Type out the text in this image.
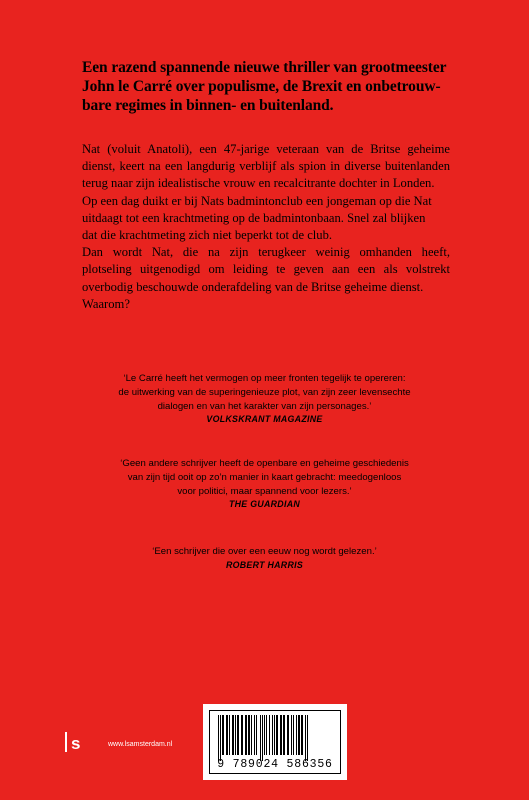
Een razend spannende nieuwe thriller van grootmeester
John le Carré over populisme, de Brexit en onbetrouw-
bare regimes in binnen- en buitenland.
Nat (voluit Anatoli), een 47-jarige veteraan van de Britse geheime
dienst, keert na een langdurig verblijf als spion in diverse buitenlanden
terug naar zijn idealistische vrouw en recalcitrante dochter in Londen.
Op een dag duikt er bij Nats badmintonclub een jongeman op die Nat
uitdaagt tot een krachtmeting op de badmintonbaan. Snel zal blijken
dat die krachtmeting zich niet beperkt tot de club.
Dan wordt Nat, die na zijn terugkeer weinig omhanden heeft,
plotseling uitgenodigd om leiding te geven aan een als volstrekt
overbodig beschouwde onderafdeling van de Britse geheime dienst.
Waarom?
‘Le Carré heeft het vermogen op meer fronten tegelijk te opereren:
de uitwerking van de superingenieuze plot, van zijn zeer levensechte
dialogen en van het karakter van zijn personages.’
VOLKSKRANT MAGAZINE
‘Geen andere schrijver heeft de openbare en geheime geschiedenis
van zijn tijd ooit op zo’n manier in kaart gebracht: meedogenloos
voor politici, maar spannend voor lezers.’
THE GUARDIAN
‘Een schrijver die over een eeuw nog wordt gelezen.’
ROBERT HARRIS
s	www.lsamsterdam.nl
9 789024 586356
